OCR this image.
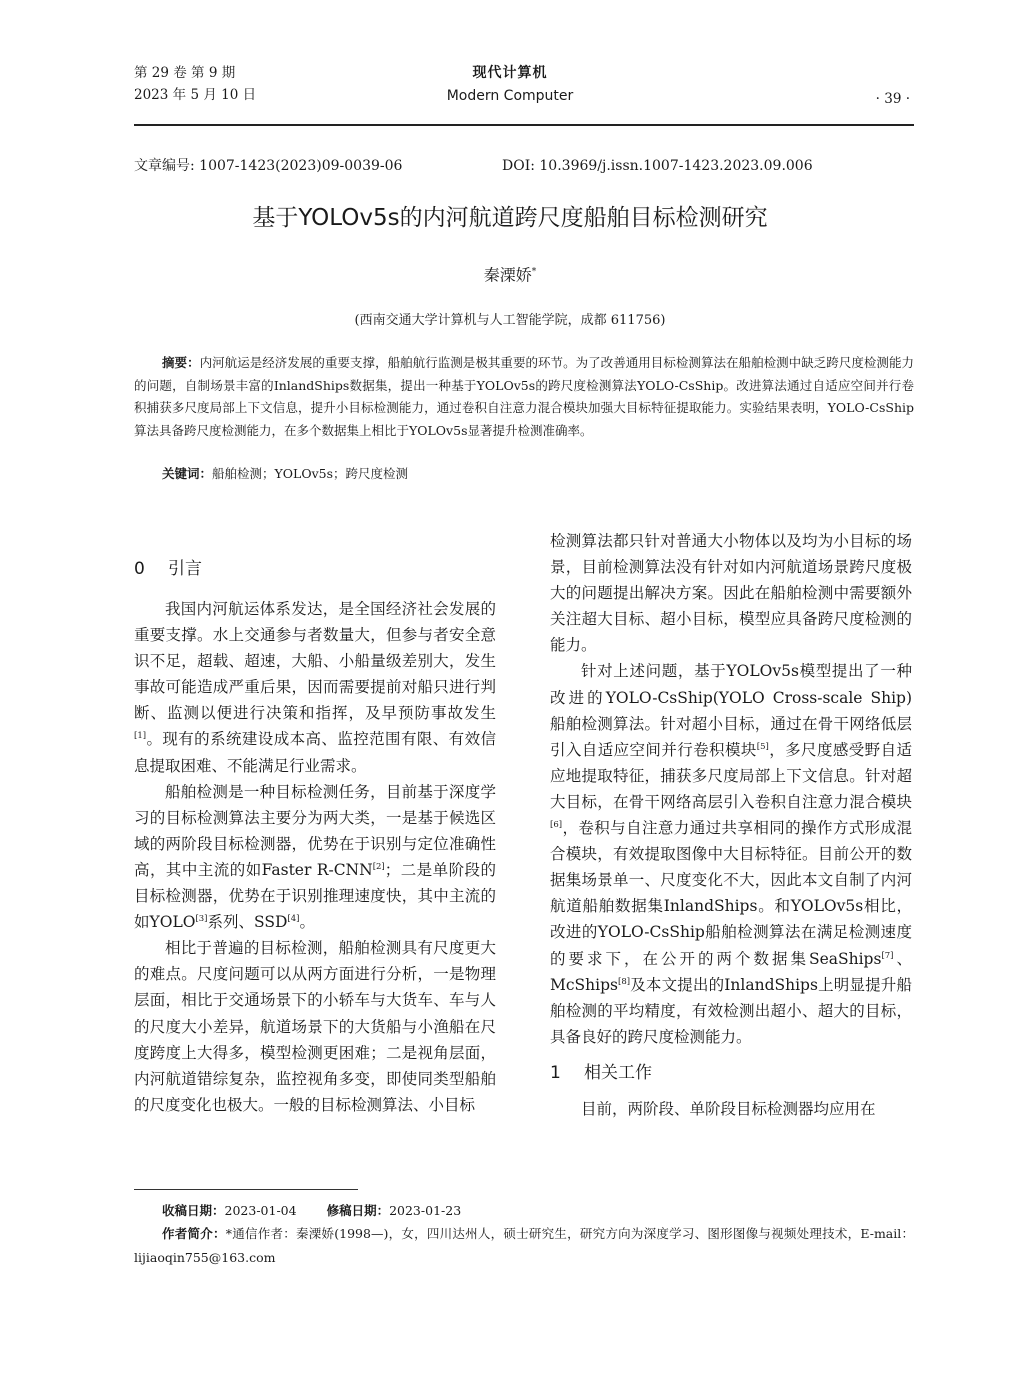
第 29 卷 第 9 期
2023 年 5 月 10 日
现代计算机
Modern Computer	· 39 ·
文章编号: 1007-1423(2023)09-0039-06	DOI: 10.3969/j.issn.1007-1423.2023.09.006
基于YOLOv5s的内河航道跨尺度船舶目标检测研究
秦溧娇*
(西南交通大学计算机与人工智能学院，成都 611756)
摘要：内河航运是经济发展的重要支撑，船舶航行监测是极其重要的环节。为了改善通用目标检测算法在船舶检测中缺乏跨尺度检测能力的问题，自制场景丰富的InlandShips数据集，提出一种基于YOLOv5s的跨尺度检测算法YOLO-CsShip。改进算法通过自适应空间并行卷积捕获多尺度局部上下文信息，提升小目标检测能力，通过卷积自注意力混合模块加强大目标特征提取能力。实验结果表明，YOLO-CsShip算法具备跨尺度检测能力，在多个数据集上相比于YOLOv5s显著提升检测准确率。
关键词：船舶检测；YOLOv5s；跨尺度检测
0 引言

我国内河航运体系发达，是全国经济社会发展的重要支撑。水上交通参与者数量大，但参与者安全意识不足，超载、超速，大船、小船量级差别大，发生事故可能造成严重后果，因而需要提前对船只进行判断、监测以便进行决策和指挥，及早预防事故发生[1]。现有的系统建设成本高、监控范围有限、有效信息提取困难、不能满足行业需求。

船舶检测是一种目标检测任务，目前基于深度学习的目标检测算法主要分为两大类，一是基于候选区域的两阶段目标检测器，优势在于识别与定位准确性高，其中主流的如Faster R-CNN[2]；二是单阶段的目标检测器，优势在于识别推理速度快，其中主流的如YOLO[3]系列、SSD[4]。

相比于普遍的目标检测，船舶检测具有尺度更大的难点。尺度问题可以从两方面进行分析，一是物理层面，相比于交通场景下的小轿车与大货车、车与人的尺度大小差异，航道场景下的大货船与小渔船在尺度跨度上大得多，模型检测更困难；二是视角层面，内河航道错综复杂，监控视角多变，即使同类型船舶的尺度变化也极大。一般的目标检测算法、小目标

检测算法都只针对普通大小物体以及均为小目标的场景，目前检测算法没有针对如内河航道场景跨尺度极大的问题提出解决方案。因此在船舶检测中需要额外关注超大目标、超小目标，模型应具备跨尺度检测的能力。

针对上述问题，基于YOLOv5s模型提出了一种改进的YOLO-CsShip(YOLO Cross-scale Ship)船舶检测算法。针对超小目标，通过在骨干网络低层引入自适应空间并行卷积模块[5]，多尺度感受野自适应地提取特征，捕获多尺度局部上下文信息。针对超大目标，在骨干网络高层引入卷积自注意力混合模块[6]，卷积与自注意力通过共享相同的操作方式形成混合模块，有效提取图像中大目标特征。目前公开的数据集场景单一、尺度变化不大，因此本文自制了内河航道船舶数据集InlandShips。和YOLOv5s相比，改进的YOLO-CsShip船舶检测算法在满足检测速度的要求下，在公开的两个数据集SeaShips[7]、McShips[8]及本文提出的InlandShips上明显提升船舶检测的平均精度，有效检测出超小、超大的目标，具备良好的跨尺度检测能力。

1 相关工作

目前，两阶段、单阶段目标检测器均应用在

收稿日期：2023-01-04 修稿日期：2023-01-23
作者简介：*通信作者：秦溧娇(1998—)，女，四川达州人，硕士研究生，研究方向为深度学习、图形图像与视频处理技术，E-mail：lijiaoqin755@163.com
